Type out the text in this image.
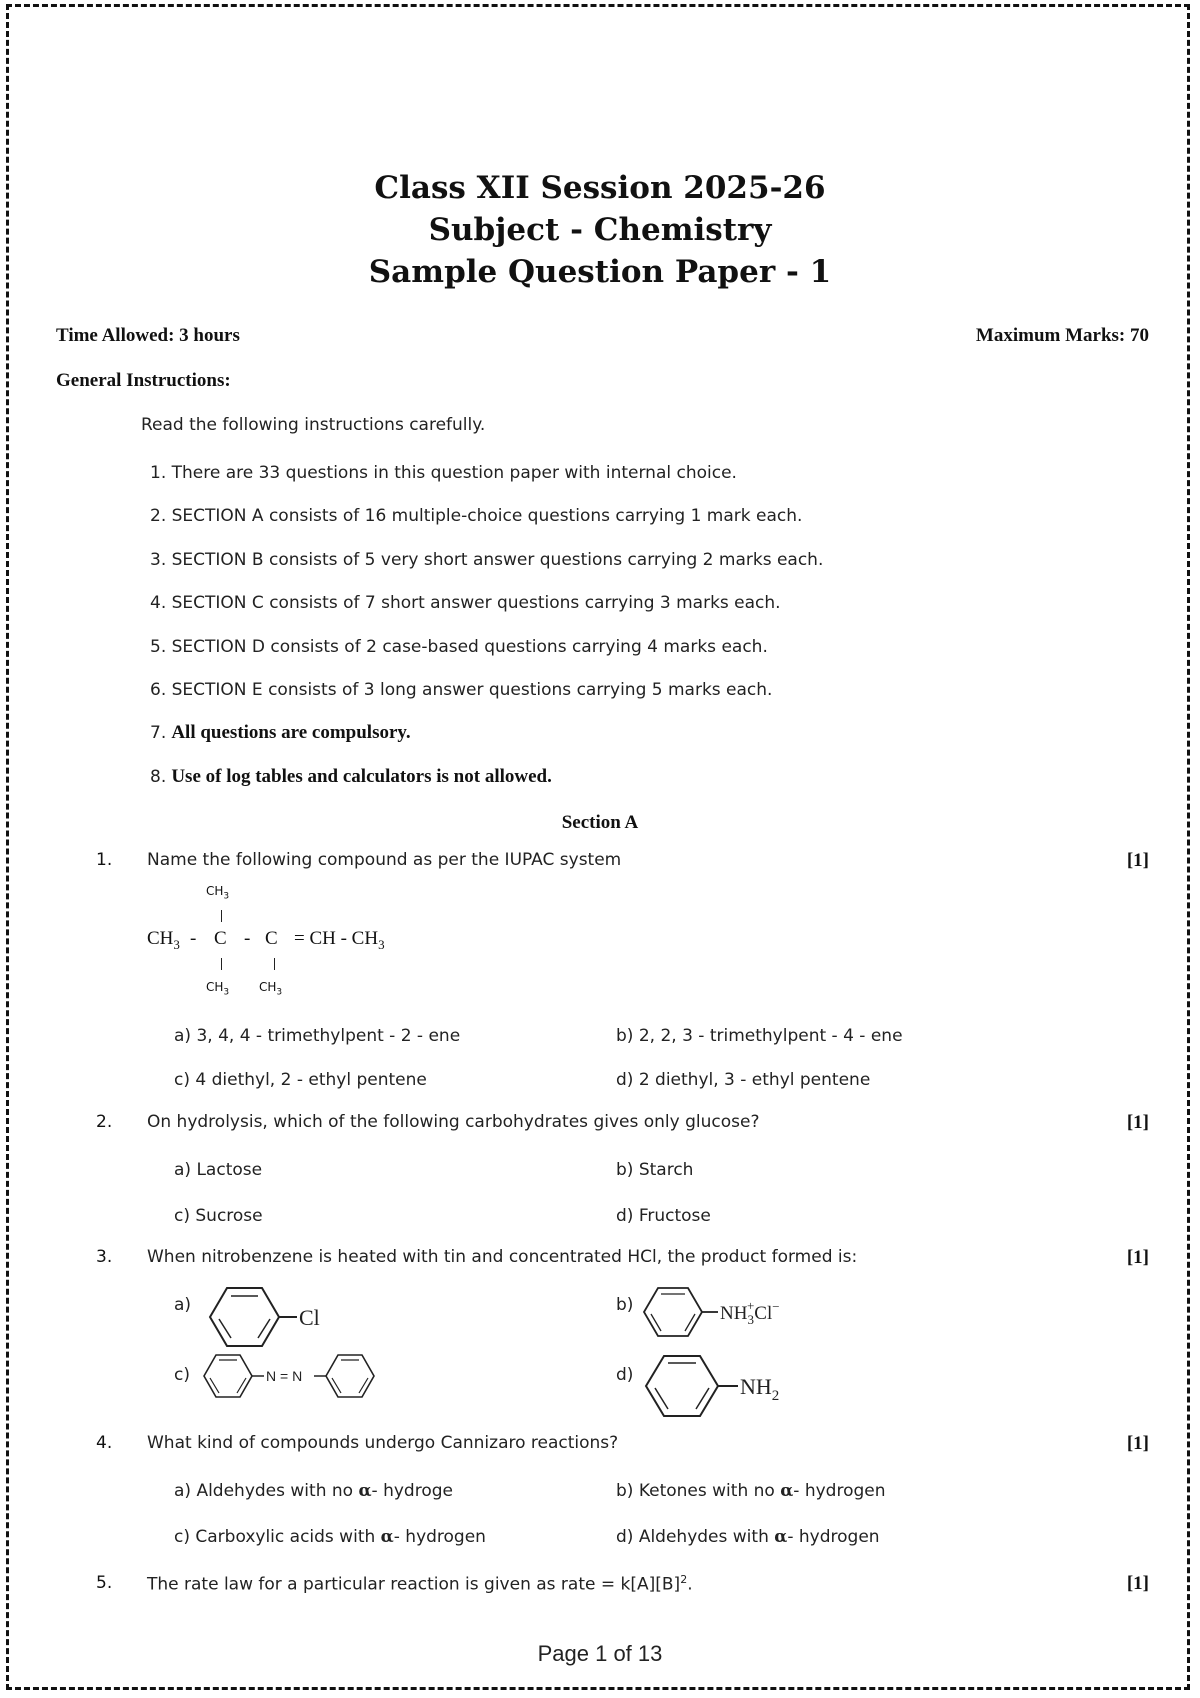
Class XII Session 2025-26
Subject - Chemistry
Sample Question Paper - 1
Time Allowed: 3 hours	Maximum Marks: 70
General Instructions:
Read the following instructions carefully.
1. There are 33 questions in this question paper with internal choice.
2. SECTION A consists of 16 multiple-choice questions carrying 1 mark each.
3. SECTION B consists of 5 very short answer questions carrying 2 marks each.
4. SECTION C consists of 7 short answer questions carrying 3 marks each.
5. SECTION D consists of 2 case-based questions carrying 4 marks each.
6. SECTION E consists of 3 long answer questions carrying 5 marks each.
7. All questions are compulsory.
8. Use of log tables and calculators is not allowed.
Section A
1. Name the following compound as per the IUPAC system	[1]
$CH_3$
$CH_3$ - C - C = CH - $CH_3$
$CH_3$ $CH_3$
a) 3, 4, 4 - trimethylpent - 2 - ene	b) 2, 2, 3 - trimethylpent - 4 - ene
c) 4 diethyl, 2 - ethyl pentene	d) 2 diethyl, 3 - ethyl pentene
2. On hydrolysis, which of the following carbohydrates gives only glucose?	[1]
a) Lactose	b) Starch
c) Sucrose	d) Fructose
3. When nitrobenzene is heated with tin and concentrated HCl, the product formed is:	[1]
a)	Cl	b)	$NH_3+Cl^-$
c)	N = N	d)	$NH_2$
4. What kind of compounds undergo Cannizaro reactions?	[1]
a) Aldehydes with no α- hydroge	b) Ketones with no α- hydrogen
c) Carboxylic acids with α- hydrogen	d) Aldehydes with α- hydrogen
5. The rate law for a particular reaction is given as rate = $k[A][B]^2$.	[1]
Page 1 of 13
